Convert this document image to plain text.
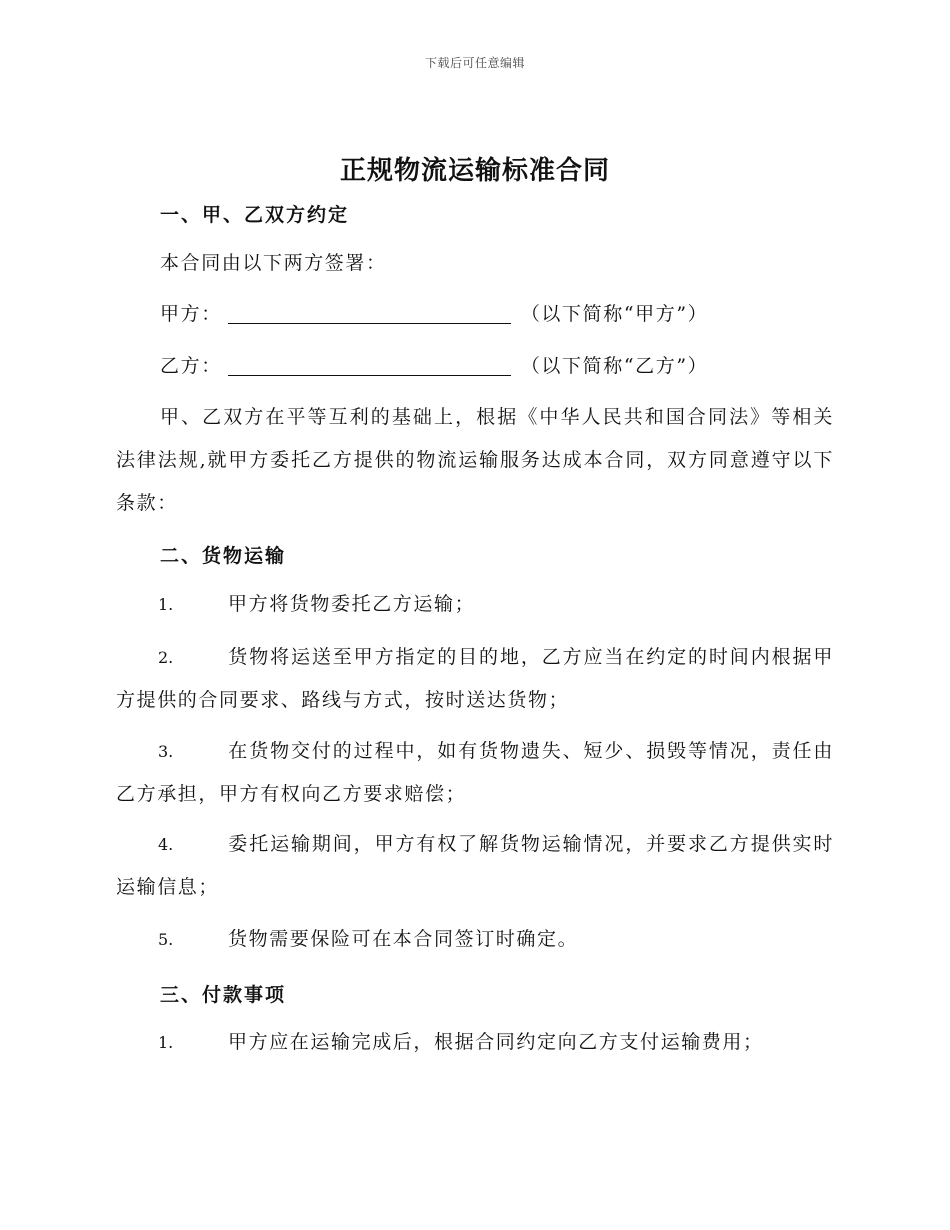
下载后可任意编辑
正规物流运输标准合同
一、甲、乙双方约定

本合同由以下两方签署：

甲方：	（以下简称“甲方”）
乙方：	（以下简称“乙方”）

甲、乙双方在平等互利的基础上，根据《中华人民共和国合同法》等相关法律法规,就甲方委托乙方提供的物流运输服务达成本合同，双方同意遵守以下条款：

二、货物运输

1.	甲方将货物委托乙方运输；

2.	货物将运送至甲方指定的目的地，乙方应当在约定的时间内根据甲方提供的合同要求、路线与方式，按时送达货物；

3.	在货物交付的过程中，如有货物遗失、短少、损毁等情况，责任由乙方承担，甲方有权向乙方要求赔偿；

4.	委托运输期间，甲方有权了解货物运输情况，并要求乙方提供实时运输信息；

5.	货物需要保险可在本合同签订时确定。

三、付款事项

1.	甲方应在运输完成后，根据合同约定向乙方支付运输费用；
